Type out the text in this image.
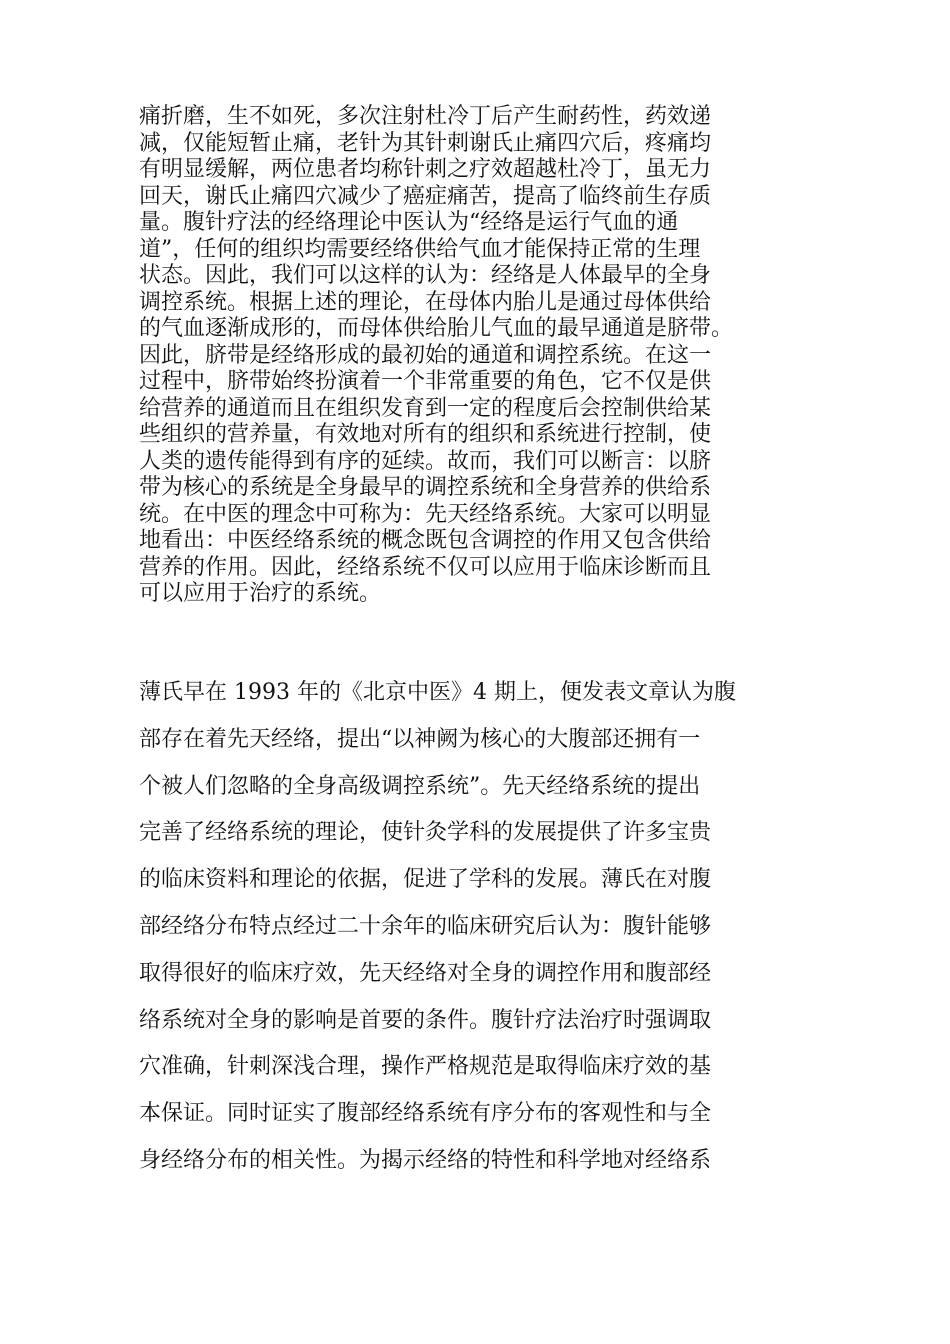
痛折磨，生不如死，多次注射杜冷丁后产生耐药性，药效递
减，仅能短暂止痛，老针为其针刺谢氏止痛四穴后，疼痛均
有明显缓解，两位患者均称针刺之疗效超越杜冷丁，虽无力
回天，谢氏止痛四穴减少了癌症痛苦，提高了临终前生存质
量。腹针疗法的经络理论中医认为“经络是运行气血的通
道”，任何的组织均需要经络供给气血才能保持正常的生理
状态。因此，我们可以这样的认为：经络是人体最早的全身
调控系统。根据上述的理论，在母体内胎儿是通过母体供给
的气血逐渐成形的，而母体供给胎儿气血的最早通道是脐带。
因此，脐带是经络形成的最初始的通道和调控系统。在这一
过程中，脐带始终扮演着一个非常重要的角色，它不仅是供
给营养的通道而且在组织发育到一定的程度后会控制供给某
些组织的营养量，有效地对所有的组织和系统进行控制，使
人类的遗传能得到有序的延续。故而，我们可以断言：以脐
带为核心的系统是全身最早的调控系统和全身营养的供给系
统。在中医的理念中可称为：先天经络系统。大家可以明显
地看出：中医经络系统的概念既包含调控的作用又包含供给
营养的作用。因此，经络系统不仅可以应用于临床诊断而且
可以应用于治疗的系统。
薄氏早在 1993 年的《北京中医》4 期上，便发表文章认为腹
部存在着先天经络，提出“以神阙为核心的大腹部还拥有一
个被人们忽略的全身高级调控系统”。先天经络系统的提出
完善了经络系统的理论，使针灸学科的发展提供了许多宝贵
的临床资料和理论的依据，促进了学科的发展。薄氏在对腹
部经络分布特点经过二十余年的临床研究后认为：腹针能够
取得很好的临床疗效，先天经络对全身的调控作用和腹部经
络系统对全身的影响是首要的条件。腹针疗法治疗时强调取
穴准确，针刺深浅合理，操作严格规范是取得临床疗效的基
本保证。同时证实了腹部经络系统有序分布的客观性和与全
身经络分布的相关性。为揭示经络的特性和科学地对经络系
